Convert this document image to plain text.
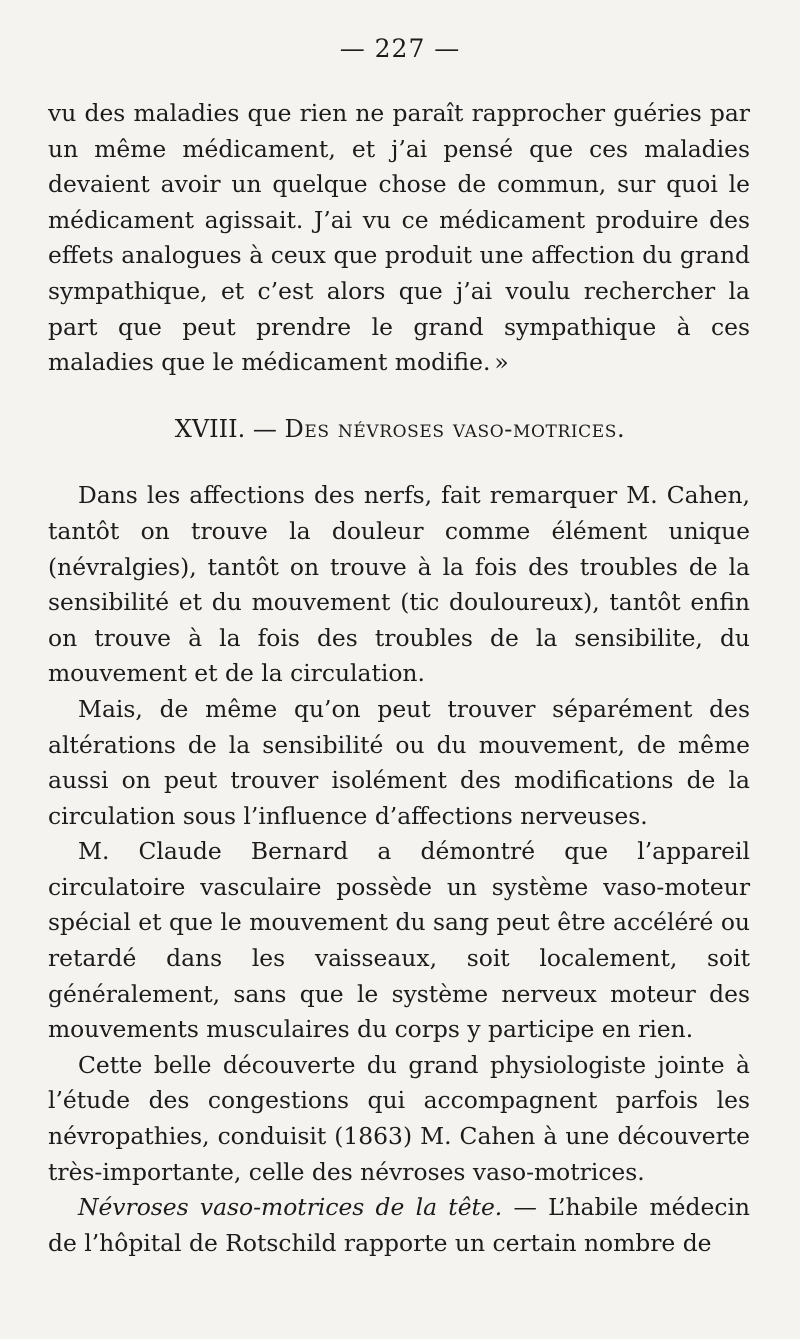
— 227 —

vu des maladies que rien ne paraît rapprocher guéries par un même médicament, et j’ai pensé que ces maladies devaient avoir un quelque chose de commun, sur quoi le médicament agissait. J’ai vu ce médicament produire des effets analogues à ceux que produit une affection du grand sympathique, et c’est alors que j’ai voulu rechercher la part que peut prendre le grand sympathique à ces maladies que le médicament modifie. »

XVIII. — Des névroses vaso-motrices.

Dans les affections des nerfs, fait remarquer M. Cahen, tantôt on trouve la douleur comme élément unique (névralgies), tantôt on trouve à la fois des troubles de la sensibilité et du mouvement (tic douloureux), tantôt enfin on trouve à la fois des troubles de la sensibilite, du mouvement et de la circulation.

Mais, de même qu’on peut trouver séparément des altérations de la sensibilité ou du mouvement, de même aussi on peut trouver isolément des modifications de la circulation sous l’influence d’affections nerveuses.

M. Claude Bernard a démontré que l’appareil circulatoire vasculaire possède un système vaso-moteur spécial et que le mouvement du sang peut être accéléré ou retardé dans les vaisseaux, soit localement, soit généralement, sans que le système nerveux moteur des mouvements musculaires du corps y participe en rien.

Cette belle découverte du grand physiologiste jointe à l’étude des congestions qui accompagnent parfois les névropathies, conduisit (1863) M. Cahen à une découverte très-importante, celle des névroses vaso-motrices.

Névroses vaso-motrices de la tête. — L’habile médecin de l’hôpital de Rotschild rapporte un certain nombre de
